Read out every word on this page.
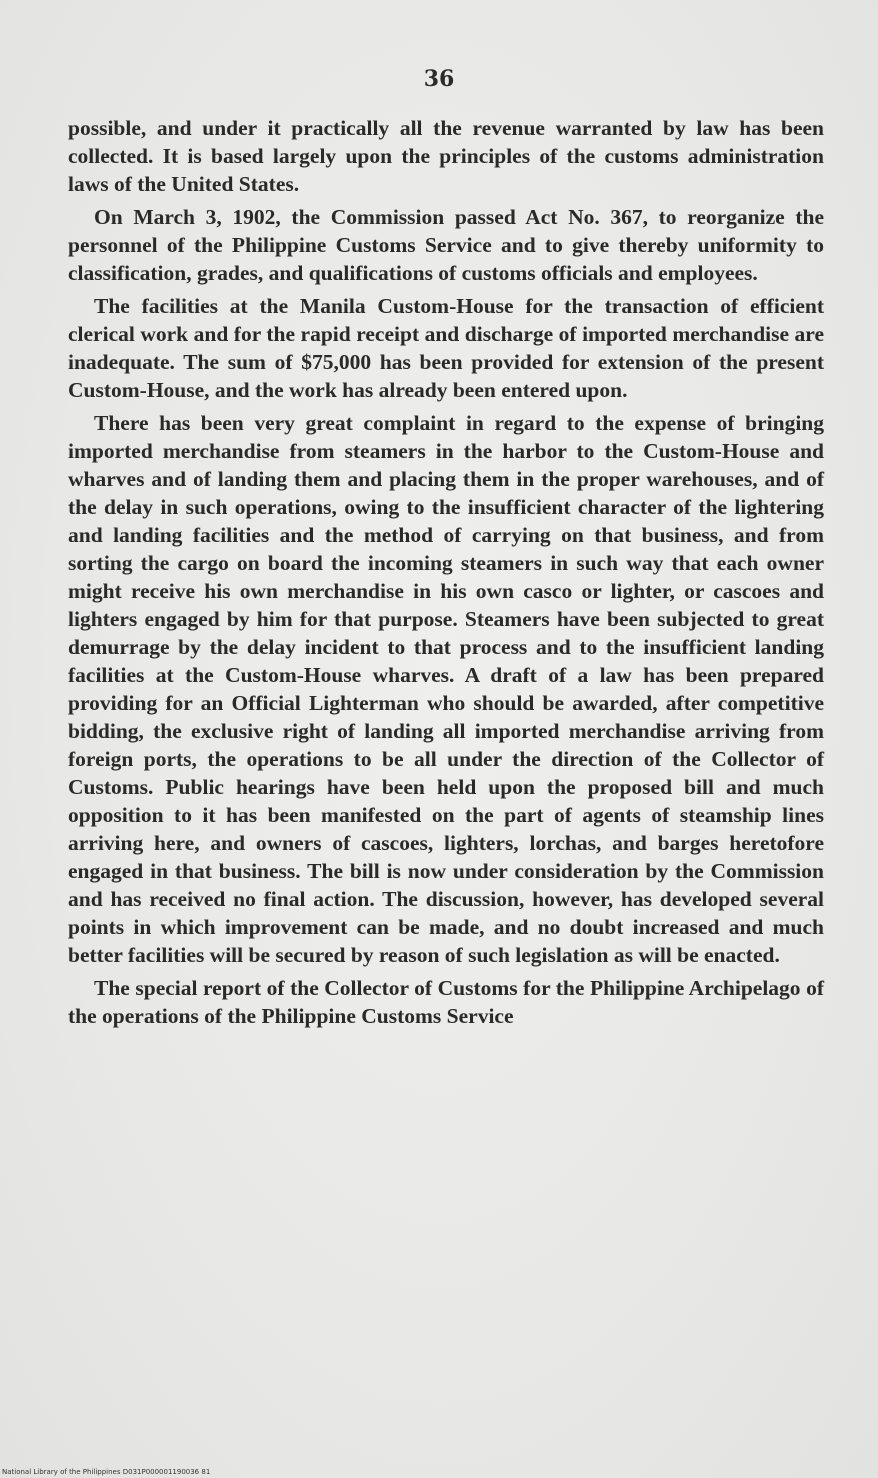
36

possible, and under it practically all the revenue warranted by law has been collected. It is based largely upon the principles of the customs administration laws of the United States.

On March 3, 1902, the Commission passed Act No. 367, to reorganize the personnel of the Philippine Customs Service and to give thereby uniformity to classification, grades, and qualifications of customs officials and employees.

The facilities at the Manila Custom-House for the transaction of efficient clerical work and for the rapid receipt and discharge of imported merchandise are inadequate. The sum of $75,000 has been provided for extension of the present Custom-House, and the work has already been entered upon.

There has been very great complaint in regard to the expense of bringing imported merchandise from steamers in the harbor to the Custom-House and wharves and of landing them and placing them in the proper warehouses, and of the delay in such operations, owing to the insufficient character of the lightering and landing facilities and the method of carrying on that business, and from sorting the cargo on board the incoming steamers in such way that each owner might receive his own merchandise in his own casco or lighter, or cascoes and lighters engaged by him for that purpose. Steamers have been subjected to great demurrage by the delay incident to that process and to the insufficient landing facilities at the Custom-House wharves. A draft of a law has been prepared providing for an Official Lighterman who should be awarded, after competitive bidding, the exclusive right of landing all imported merchandise arriving from foreign ports, the operations to be all under the direction of the Collector of Customs. Public hearings have been held upon the proposed bill and much opposition to it has been manifested on the part of agents of steamship lines arriving here, and owners of cascoes, lighters, lorchas, and barges heretofore engaged in that business. The bill is now under consideration by the Commission and has received no final action. The discussion, however, has developed several points in which improvement can be made, and no doubt increased and much better facilities will be secured by reason of such legislation as will be enacted.

The special report of the Collector of Customs for the Philippine Archipelago of the operations of the Philippine Customs Service

National Library of the Philippines D031P000001190036 81
